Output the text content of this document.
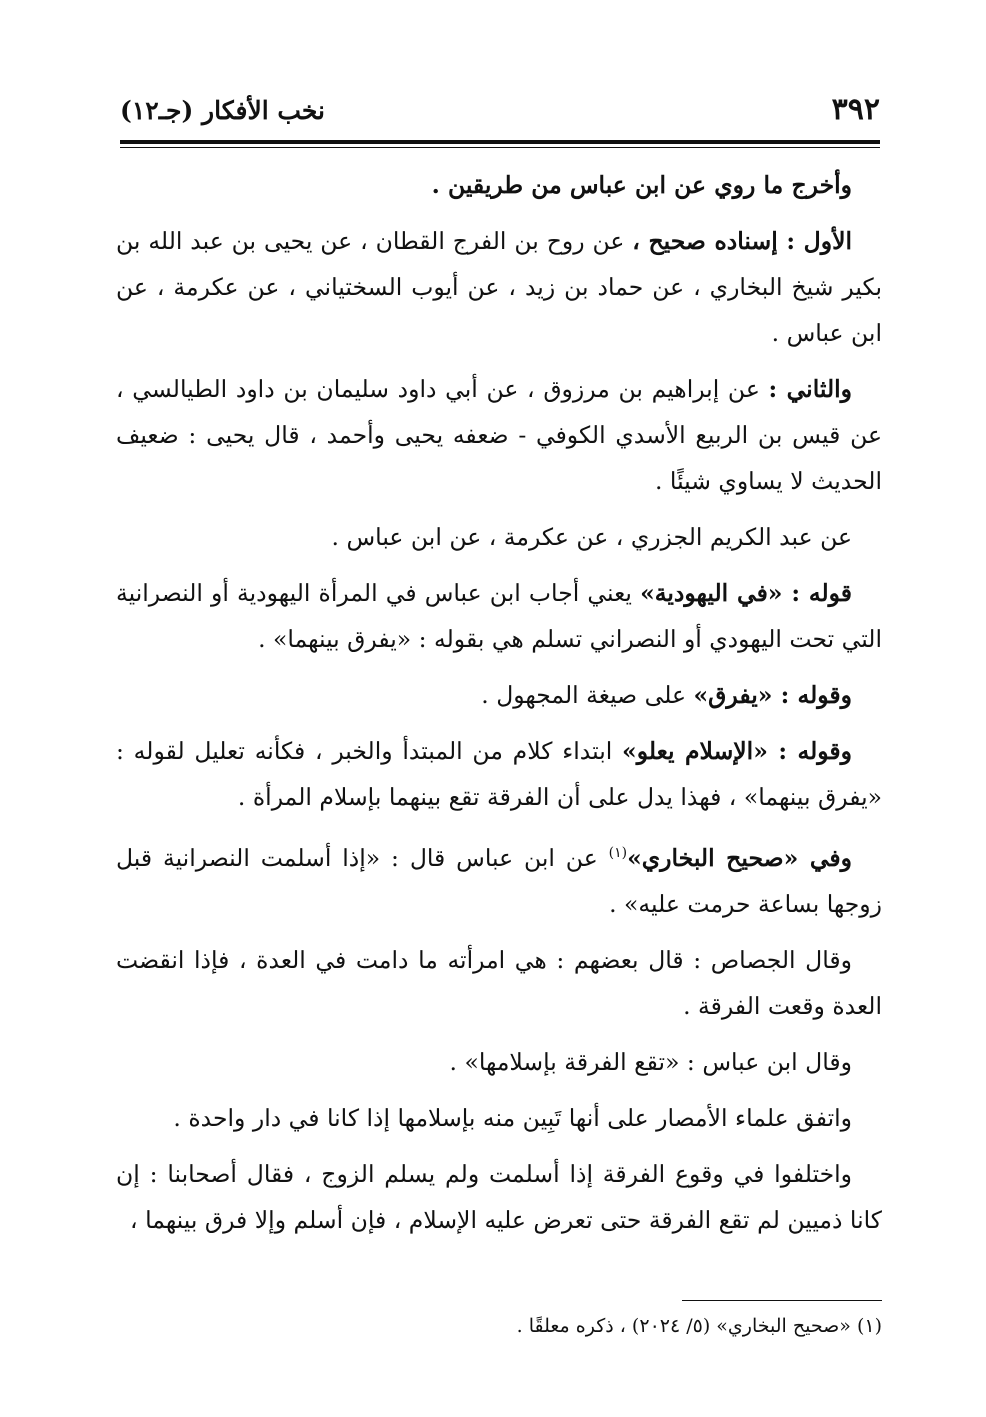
٣٩٢
نخب الأفكار (جـ١٢)

وأخرج ما روي عن ابن عباس من طريقين .

الأول : إسناده صحيح ، عن روح بن الفرج القطان ، عن يحيى بن عبد الله بن بكير شيخ البخاري ، عن حماد بن زيد ، عن أيوب السختياني ، عن عكرمة ، عن ابن عباس .

والثاني : عن إبراهيم بن مرزوق ، عن أبي داود سليمان بن داود الطيالسي ، عن قيس بن الربيع الأسدي الكوفي - ضعفه يحيى وأحمد ، قال يحيى : ضعيف الحديث لا يساوي شيئًا .

عن عبد الكريم الجزري ، عن عكرمة ، عن ابن عباس .

قوله : «في اليهودية» يعني أجاب ابن عباس في المرأة اليهودية أو النصرانية التي تحت اليهودي أو النصراني تسلم هي بقوله : «يفرق بينهما» .

وقوله : «يفرق» على صيغة المجهول .

وقوله : «الإسلام يعلو» ابتداء كلام من المبتدأ والخبر ، فكأنه تعليل لقوله : «يفرق بينهما» ، فهذا يدل على أن الفرقة تقع بينهما بإسلام المرأة .

وفي «صحيح البخاري»$^{(١)}$ عن ابن عباس قال : «إذا أسلمت النصرانية قبل زوجها بساعة حرمت عليه» .

وقال الجصاص : قال بعضهم : هي امرأته ما دامت في العدة ، فإذا انقضت العدة وقعت الفرقة .

وقال ابن عباس : «تقع الفرقة بإسلامها» .

واتفق علماء الأمصار على أنها تَبِين منه بإسلامها إذا كانا في دار واحدة .

واختلفوا في وقوع الفرقة إذا أسلمت ولم يسلم الزوج ، فقال أصحابنا : إن كانا ذميين لم تقع الفرقة حتى تعرض عليه الإسلام ، فإن أسلم وإلا فرق بينهما ،

(١) «صحيح البخاري» (٥/ ٢٠٢٤) ، ذكره معلقًا .
